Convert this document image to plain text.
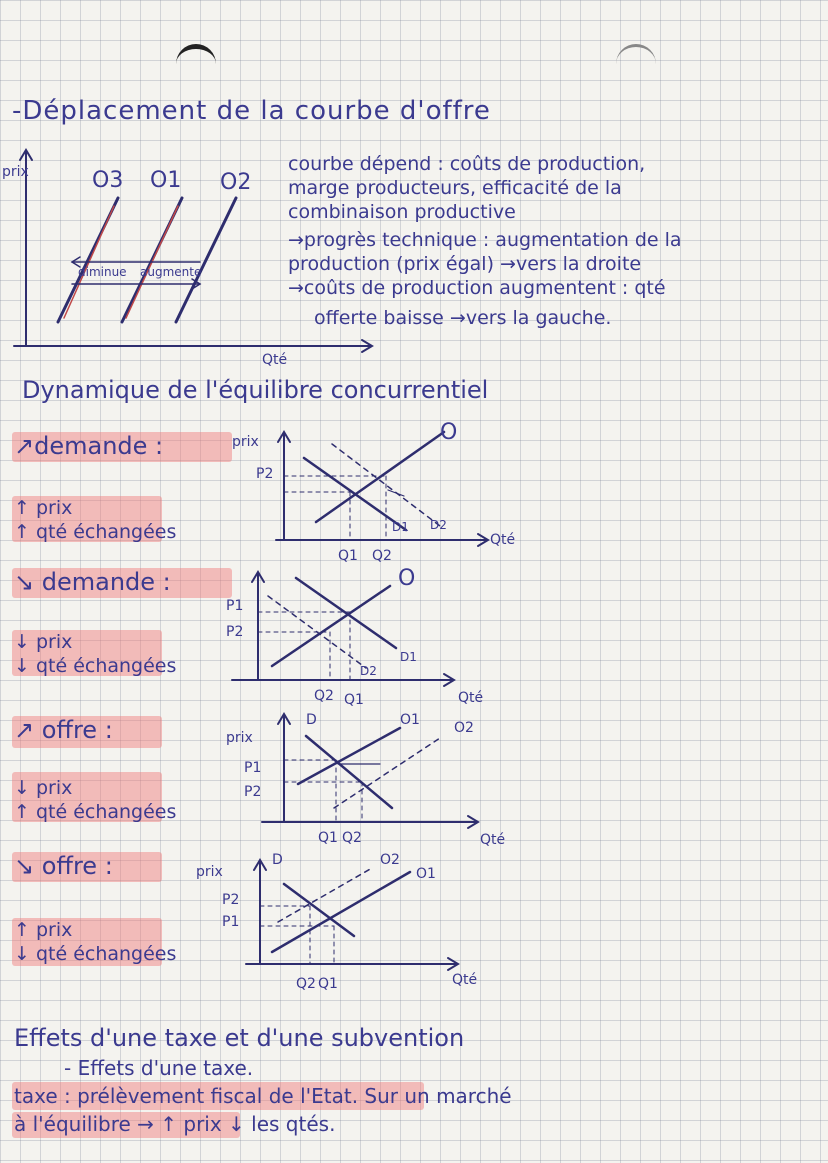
-Déplacement de la courbe d'offre
prix
Qté
O3 O1 O2
diminue augmente
courbe dépend : coûts de production,
marge producteurs, efficacité de la
combinaison productive
→progrès technique : augmentation de la
production (prix égal) →vers la droite
→coûts de production augmentent : qté
offerte baisse →vers la gauche.
Dynamique de l'équilibre concurrentiel
↗demande :
↑ prix
↑ qté échangées
prix
P2
Q1 Q2
O
D1 D2
Qté
↘ demande :
↓ prix
↓ qté échangées
P1
P2
Q2 Q1
O
D1
D2
Qté
↗ offre :
↓ prix
↑ qté échangées
prix
P1
P2
Q1 Q2
D	O1 O2
Qté
↘ offre :
↑ prix
↓ qté échangées
prix
P2
P1
Q2 Q1
D	O2
O1
Qté
Effets d'une taxe et d'une subvention
- Effets d'une taxe.
taxe : prélèvement fiscal de l'Etat. Sur un marché
à l'équilibre → ↑ prix ↓ les qtés.
